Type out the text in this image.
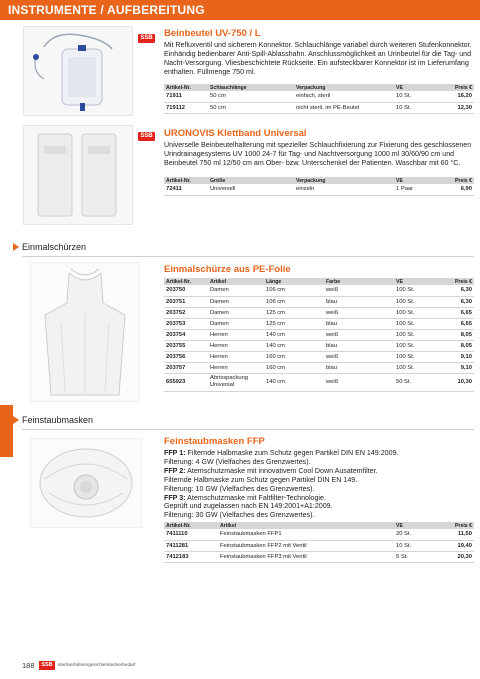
INSTRUMENTE / AUFBEREITUNG
SSB Beinbeutel UV-750 / L
Mit Refluxventil und sicherem Konnektor. Schlauchlänge variabel durch weiteren Stufenkonnektor. Einhändig bedienbarer Anti-Spill-Ablasshahn. Anschlussmöglichkeit an Urinbeutel für die Tag- und Nacht-Versorgung. Vliesbeschichtete Rückseite. Ein aufsteckbarer Konnektor ist im Lieferumfang enthalten. Füllmenge 750 ml.
Artikel-Nr.	Schlauchlänge	Verpackung	VE	Preis €
71911	50 cm	einfach, steril	10 St.	16,20
719112	50 cm	nicht steril, im PE-Beutel	10 St.	12,30
SSB URONOVIS Klettband Universal
Universelle Beinbeutelhalterung mit spezieller Schlauchfixierung zur Fixierung des geschlossenen Urindrainagesystems UV 1000 24-7 für Tag- und Nachtversorgung 1000 ml 30/60/90 cm und Beinbeutel 750 ml 12/50 cm am Ober- bzw. Unterschenkel der Patienten. Waschbar mit 60 °C.
Artikel-Nr.	Größe	Verpackung	VE	Preis €
72411	Universell	einzeln	1 Paar	6,90
Einmalschürzen
Einmalschürze aus PE-Folie
Artikel-Nr.	Artikel	Länge	Farbe	VE	Preis €
203750	Damen	106 cm	weiß	100 St.	6,30
203751	Damen	106 cm	blau	100 St.	6,30
203752	Damen	125 cm	weiß	100 St.	6,65
203753	Damen	125 cm	blau	100 St.	6,65
203754	Herren	140 cm	weiß	100 St.	8,05
203755	Herren	140 cm	blau	100 St.	8,05
203756	Herren	160 cm	weiß	100 St.	9,10
203757	Herren	160 cm	blau	100 St.	9,10
655923	Abrisspackung Universal	140 cm	weiß	50 St.	10,30
Feinstaubmasken
Feinstaubmasken FFP
FFP 1: Filternde Halbmaske zum Schutz gegen Partikel DIN EN 149:2009.
Filterung: 4 GW (Vielfaches des Grenzwertes).
FFP 2: Atemschutzmaske mit innovativem Cool Down Ausatemfilter.
Filternde Halbmaske zum Schutz gegen Partikel DIN EN 149.
Filterung: 10 GW (Vielfaches des Grenzwertes).
FFP 3: Atemschutzmaske mit Faltfilter-Technologie.
Geprüft und zugelassen nach EN 149:2001+A1:2009.
Filterung: 30 GW (Vielfaches des Grenzwertes).
Artikel-Nr.	Artikel	VE	Preis €
7411110	Feinstaubmasken FFP1	20 St.	11,50
7411281	Feinstaubmasken FFP2 mit Ventil	10 St.	19,40
7412183	Feinstaubmasken FFP3 mit Ventil	5 St.	20,30
188	SSB	sterilverfahren/gesichterstednerbedarf
